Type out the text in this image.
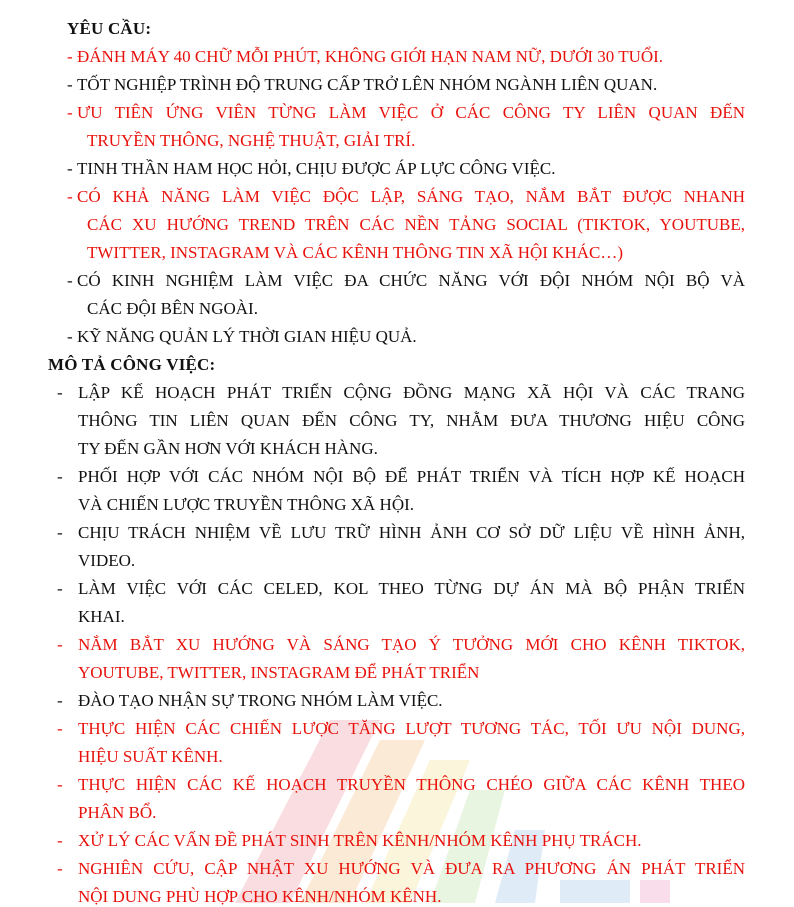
YÊU CẦU:
- ĐÁNH MÁY 40 CHỮ MỖI PHÚT, KHÔNG GIỚI HẠN NAM NỮ, DƯỚI 30 TUỔI.
- TỐT NGHIỆP TRÌNH ĐỘ TRUNG CẤP TRỞ LÊN NHÓM NGÀNH LIÊN QUAN.
- ƯU TIÊN ỨNG VIÊN TỪNG LÀM VIỆC Ở CÁC CÔNG TY LIÊN QUAN ĐẾN
TRUYỀN THÔNG, NGHỆ THUẬT, GIẢI TRÍ.
- TINH THẦN HAM HỌC HỎI, CHỊU ĐƯỢC ÁP LỰC CÔNG VIỆC.
- CÓ KHẢ NĂNG LÀM VIỆC ĐỘC LẬP, SÁNG TẠO, NẮM BẮT ĐƯỢC NHANH
CÁC XU HƯỚNG TREND TRÊN CÁC NỀN TẢNG SOCIAL (TIKTOK, YOUTUBE,
TWITTER, INSTAGRAM VÀ CÁC KÊNH THÔNG TIN XÃ HỘI KHÁC…)
- CÓ KINH NGHIỆM LÀM VIỆC ĐA CHỨC NĂNG VỚI ĐỘI NHÓM NỘI BỘ VÀ
CÁC ĐỘI BÊN NGOÀI.
- KỸ NĂNG QUẢN LÝ THỜI GIAN HIỆU QUẢ.
MÔ TẢ CÔNG VIỆC:
- LẬP KẾ HOẠCH PHÁT TRIỂN CỘNG ĐỒNG MẠNG XÃ HỘI VÀ CÁC TRANG
THÔNG TIN LIÊN QUAN ĐẾN CÔNG TY, NHẰM ĐƯA THƯƠNG HIỆU CÔNG
TY ĐẾN GẦN HƠN VỚI KHÁCH HÀNG.
- PHỐI HỢP VỚI CÁC NHÓM NỘI BỘ ĐỂ PHÁT TRIỂN VÀ TÍCH HỢP KẾ HOẠCH
VÀ CHIẾN LƯỢC TRUYỀN THÔNG XÃ HỘI.
- CHỊU TRÁCH NHIỆM VỀ LƯU TRỮ HÌNH ẢNH CƠ SỞ DỮ LIỆU VỀ HÌNH ẢNH,
VIDEO.
- LÀM VIỆC VỚI CÁC CELED, KOL THEO TỪNG DỰ ÁN MÀ BỘ PHẬN TRIỂN
KHAI.
- NẮM BẮT XU HƯỚNG VÀ SÁNG TẠO Ý TƯỞNG MỚI CHO KÊNH TIKTOK,
YOUTUBE, TWITTER, INSTAGRAM ĐỂ PHÁT TRIỂN
- ĐÀO TẠO NHẬN SỰ TRONG NHÓM LÀM VIỆC.
- THỰC HIỆN CÁC CHIẾN LƯỢC TĂNG LƯỢT TƯƠNG TÁC, TỐI ƯU NỘI DUNG,
HIỆU SUẤT KÊNH.
- THỰC HIỆN CÁC KẾ HOẠCH TRUYỀN THÔNG CHÉO GIỮA CÁC KÊNH THEO
PHÂN BỔ.
- XỬ LÝ CÁC VẤN ĐỀ PHÁT SINH TRÊN KÊNH/NHÓM KÊNH PHỤ TRÁCH.
- NGHIÊN CỨU, CẬP NHẬT XU HƯỚNG VÀ ĐƯA RA PHƯƠNG ÁN PHÁT TRIỂN
NỘI DUNG PHÙ HỢP CHO KÊNH/NHÓM KÊNH.
